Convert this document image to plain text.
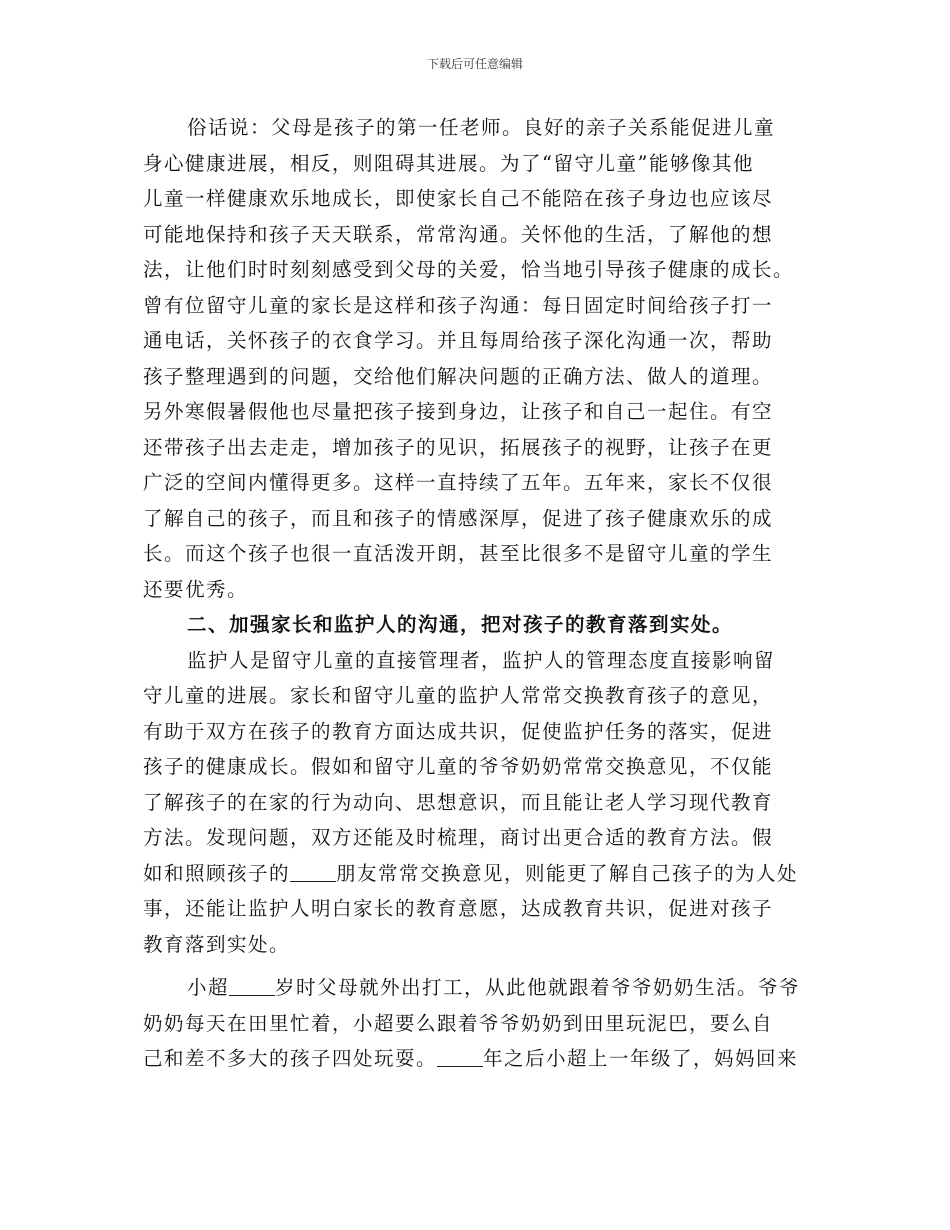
下载后可任意编辑
俗话说：父母是孩子的第一任老师。良好的亲子关系能促进儿童
身心健康进展，相反，则阻碍其进展。为了“留守儿童”能够像其他
儿童一样健康欢乐地成长，即使家长自己不能陪在孩子身边也应该尽
可能地保持和孩子天天联系，常常沟通。关怀他的生活，了解他的想
法，让他们时时刻刻感受到父母的关爱，恰当地引导孩子健康的成长。
曾有位留守儿童的家长是这样和孩子沟通：每日固定时间给孩子打一
通电话，关怀孩子的衣食学习。并且每周给孩子深化沟通一次，帮助
孩子整理遇到的问题，交给他们解决问题的正确方法、做人的道理。
另外寒假暑假他也尽量把孩子接到身边，让孩子和自己一起住。有空
还带孩子出去走走，增加孩子的见识，拓展孩子的视野，让孩子在更
广泛的空间内懂得更多。这样一直持续了五年。五年来，家长不仅很
了解自己的孩子，而且和孩子的情感深厚，促进了孩子健康欢乐的成
长。而这个孩子也很一直活泼开朗，甚至比很多不是留守儿童的学生
还要优秀。
二、加强家长和监护人的沟通，把对孩子的教育落到实处。
监护人是留守儿童的直接管理者，监护人的管理态度直接影响留
守儿童的进展。家长和留守儿童的监护人常常交换教育孩子的意见，
有助于双方在孩子的教育方面达成共识，促使监护任务的落实，促进
孩子的健康成长。假如和留守儿童的爷爷奶奶常常交换意见，不仅能
了解孩子的在家的行为动向、思想意识，而且能让老人学习现代教育
方法。发现问题，双方还能及时梳理，商讨出更合适的教育方法。假
如和照顾孩子的 朋友常常交换意见，则能更了解自己孩子的为人处
事，还能让监护人明白家长的教育意愿，达成教育共识，促进对孩子
教育落到实处。
小超 岁时父母就外出打工，从此他就跟着爷爷奶奶生活。爷爷
奶奶每天在田里忙着，小超要么跟着爷爷奶奶到田里玩泥巴，要么自
己和差不多大的孩子四处玩耍。 年之后小超上一年级了，妈妈回来
